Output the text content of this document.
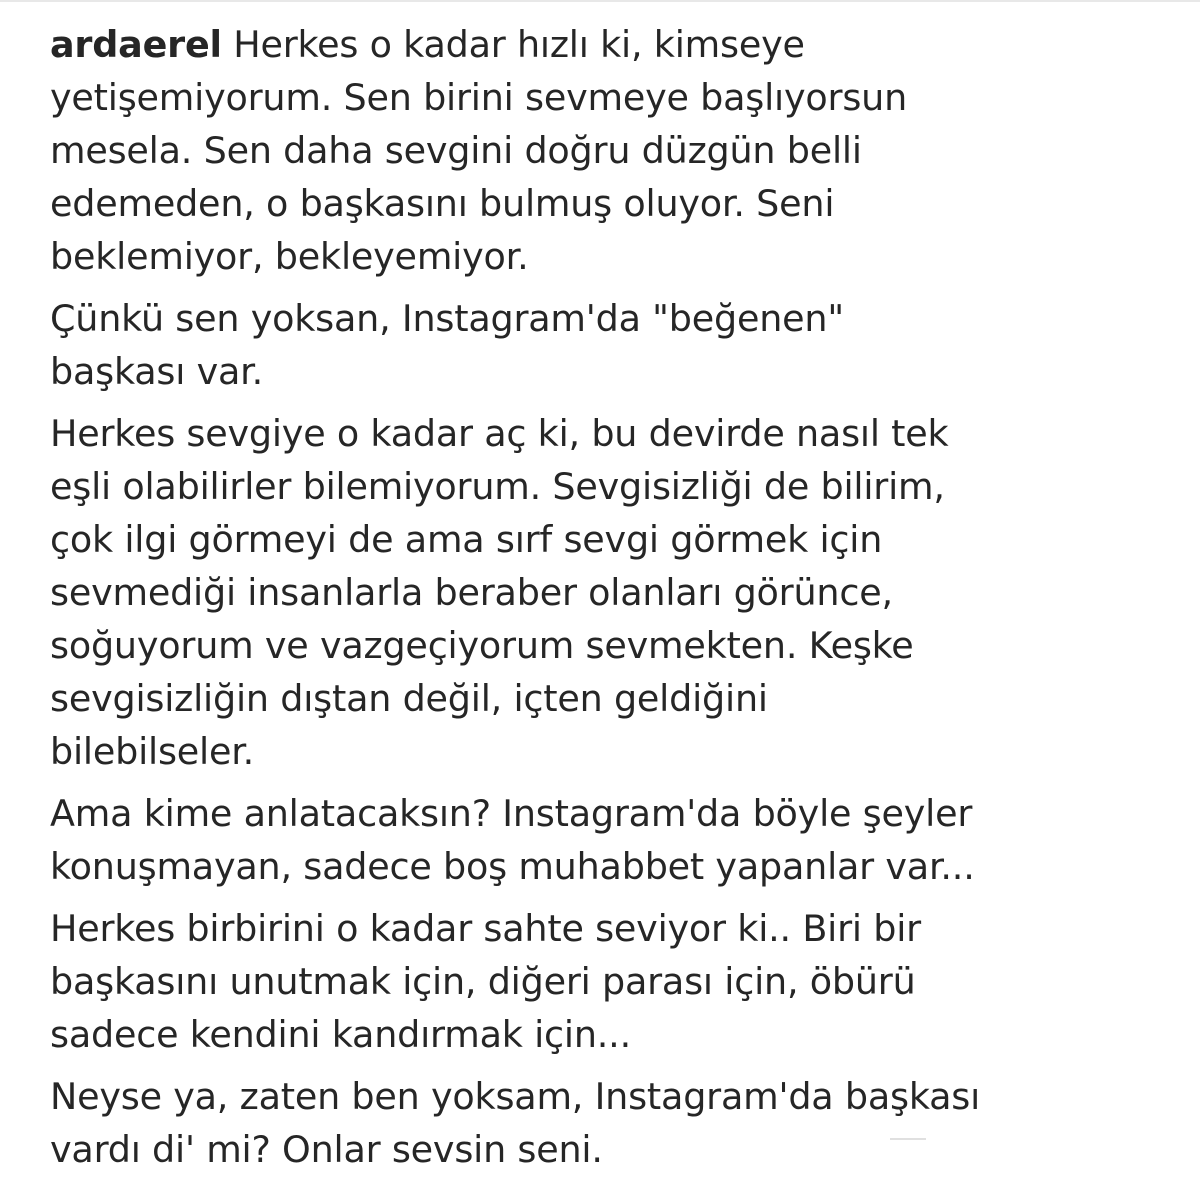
ardaerel Herkes o kadar hızlı ki, kimseye
yetişemiyorum. Sen birini sevmeye başlıyorsun
mesela. Sen daha sevgini doğru düzgün belli
edemeden, o başkasını bulmuş oluyor. Seni
beklemiyor, bekleyemiyor.

Çünkü sen yoksan, Instagram'da "beğenen"
başkası var.

Herkes sevgiye o kadar aç ki, bu devirde nasıl tek
eşli olabilirler bilemiyorum. Sevgisizliği de bilirim,
çok ilgi görmeyi de ama sırf sevgi görmek için
sevmediği insanlarla beraber olanları görünce,
soğuyorum ve vazgeçiyorum sevmekten. Keşke
sevgisizliğin dıştan değil, içten geldiğini
bilebilseler.

Ama kime anlatacaksın? Instagram'da böyle şeyler
konuşmayan, sadece boş muhabbet yapanlar var...

Herkes birbirini o kadar sahte seviyor ki.. Biri bir
başkasını unutmak için, diğeri parası için, öbürü
sadece kendini kandırmak için...

Neyse ya, zaten ben yoksam, Instagram'da başkası
vardı di' mi? Onlar sevsin seni.
